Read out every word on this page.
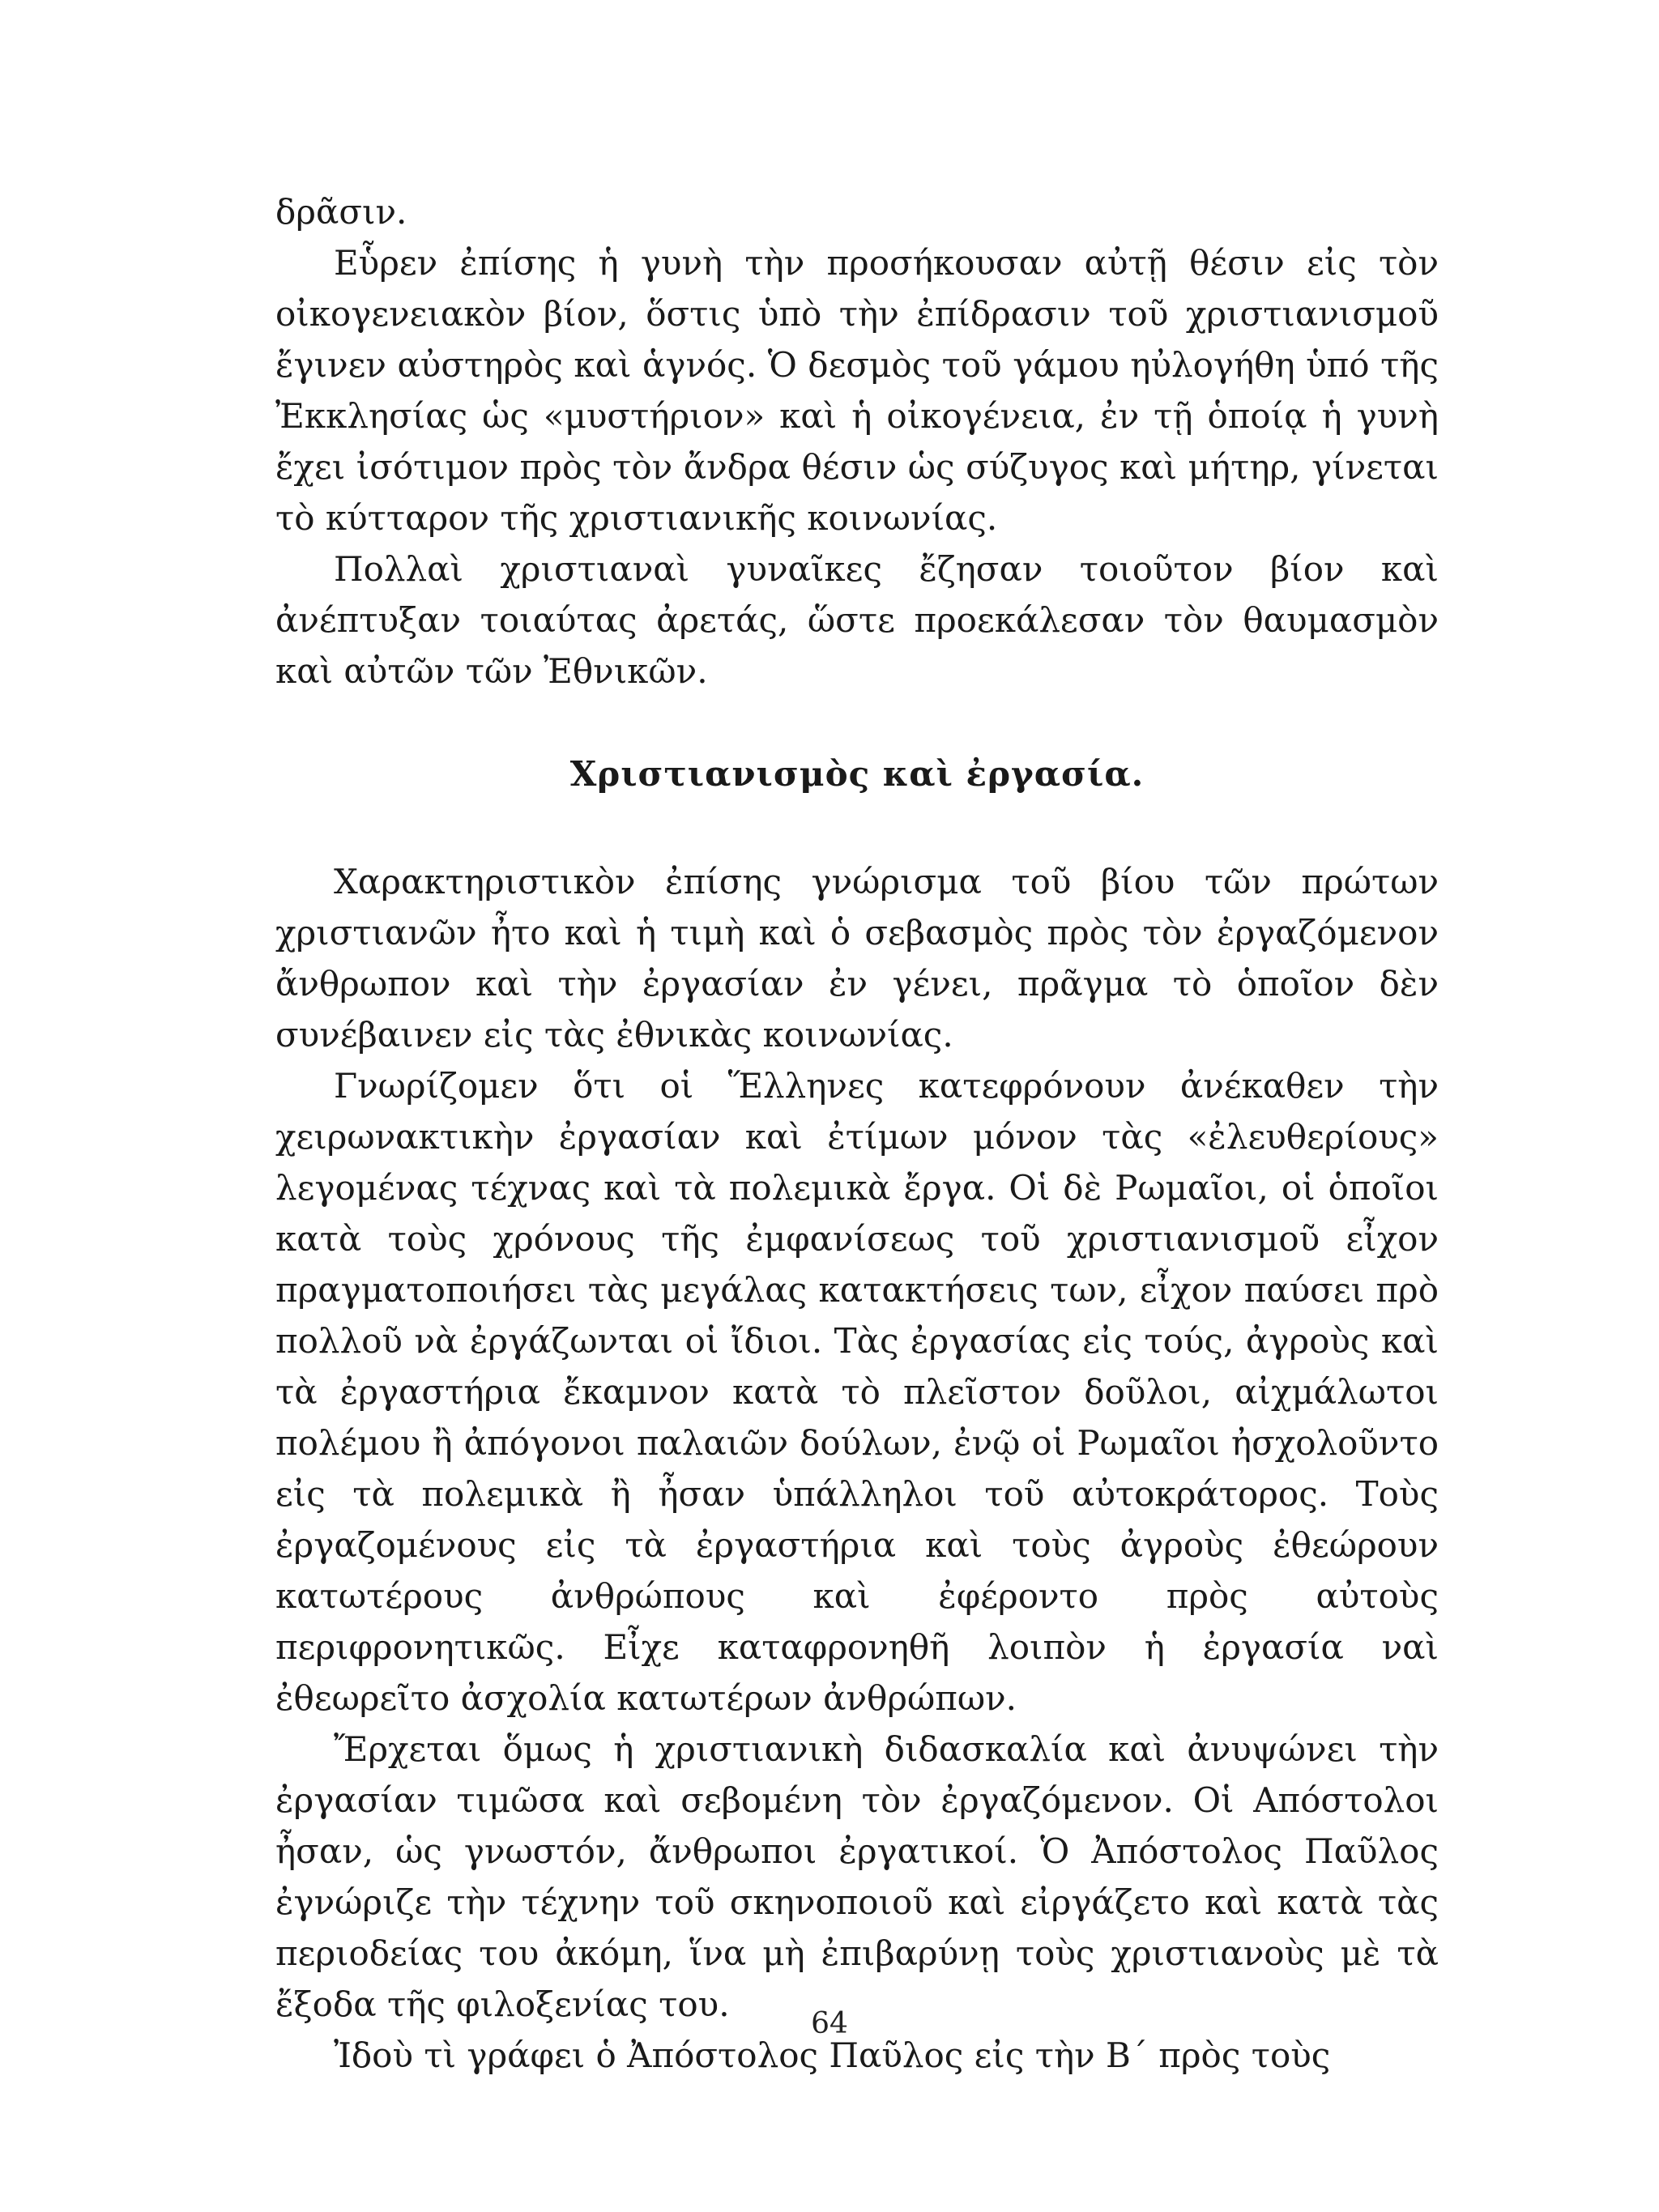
δρᾶσιν.

Εὗρεν ἐπίσης ἡ γυνὴ τὴν προσήκουσαν αὐτῇ θέσιν εἰς τὸν οἰκογενειακὸν βίον, ὅστις ὑπὸ τὴν ἐπίδρασιν τοῦ χριστιανισμοῦ ἔγινεν αὐστηρὸς καὶ ἁγνός. Ὁ δεσμὸς τοῦ γάμου ηὐλογήθη ὑπό τῆς Ἐκκλησίας ὡς «μυστήριον» καὶ ἡ οἰκογένεια, ἐν τῇ ὁποίᾳ ἡ γυνὴ ἔχει ἰσότιμον πρὸς τὸν ἄνδρα θέσιν ὡς σύζυγος καὶ μήτηρ, γίνεται τὸ κύτταρον τῆς χριστιανικῆς κοινωνίας.

Πολλαὶ χριστιαναὶ γυναῖκες ἔζησαν τοιοῦτον βίον καὶ ἀνέπτυξαν τοιαύτας ἀρετάς, ὥστε προεκάλεσαν τὸν θαυμασμὸν καὶ αὐτῶν τῶν Ἐθνικῶν.

Χριστιανισμὸς καὶ ἐργασία.

Χαρακτηριστικὸν ἐπίσης γνώρισμα τοῦ βίου τῶν πρώτων χριστιανῶν ἦτο καὶ ἡ τιμὴ καὶ ὁ σεβασμὸς πρὸς τὸν ἐργαζόμενον ἄνθρωπον καὶ τὴν ἐργασίαν ἐν γένει, πρᾶγμα τὸ ὁποῖον δὲν συνέβαινεν εἰς τὰς ἐθνικὰς κοινωνίας.

Γνωρίζομεν ὅτι οἱ Ἕλληνες κατεφρόνουν ἀνέκαθεν τὴν χειρωνακτικὴν ἐργασίαν καὶ ἐτίμων μόνον τὰς «ἐλευθερίους» λεγομένας τέχνας καὶ τὰ πολεμικὰ ἔργα. Οἱ δὲ Ρωμαῖοι, οἱ ὁποῖοι κατὰ τοὺς χρόνους τῆς ἐμφανίσεως τοῦ χριστιανισμοῦ εἶχον πραγματοποιήσει τὰς μεγάλας κατακτήσεις των, εἶχον παύσει πρὸ πολλοῦ νὰ ἐργάζωνται οἱ ἴδιοι. Τὰς ἐργασίας εἰς τούς, ἀγροὺς καὶ τὰ ἐργαστήρια ἔκαμνον κατὰ τὸ πλεῖστον δοῦλοι, αἰχμάλωτοι πολέμου ἢ ἀπόγονοι παλαιῶν δούλων, ἐνῷ οἱ Ρωμαῖοι ἠσχολοῦντο εἰς τὰ πολεμικὰ ἢ ἦσαν ὑπάλληλοι τοῦ αὐτοκράτορος. Τοὺς ἐργαζομένους εἰς τὰ ἐργαστήρια καὶ τοὺς ἀγροὺς ἐθεώρουν κατωτέρους ἀνθρώπους καὶ ἐφέροντο πρὸς αὐτοὺς περιφρονητικῶς. Εἶχε καταφρονηθῆ λοιπὸν ἡ ἐργασία ναὶ ἐθεωρεῖτο ἀσχολία κατωτέρων ἀνθρώπων.

Ἔρχεται ὅμως ἡ χριστιανικὴ διδασκαλία καὶ ἀνυψώνει τὴν ἐργασίαν τιμῶσα καὶ σεβομένη τὸν ἐργαζόμενον. Οἱ Απόστολοι ἦσαν, ὡς γνωστόν, ἄνθρωποι ἐργατικοί. Ὁ Ἀπόστολος Παῦλος ἐγνώριζε τὴν τέχνην τοῦ σκηνοποιοῦ καὶ εἰργάζετο καὶ κατὰ τὰς περιοδείας του ἀκόμη, ἵνα μὴ ἐπιβαρύνῃ τοὺς χριστιανοὺς μὲ τὰ ἔξοδα τῆς φιλοξενίας του.

Ἰδοὺ τὶ γράφει ὁ Ἀπόστολος Παῦλος εἰς τὴν Β΄ πρὸς τοὺς

64
